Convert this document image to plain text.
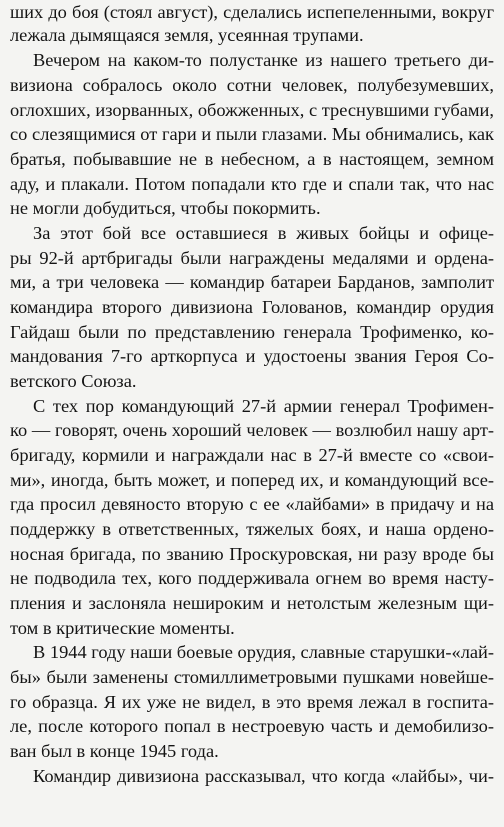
ших до боя (стоял август), сделались испепеленными, вокруг
лежала дымящаяся земля, усеянная трупами.
Вечером на каком-то полустанке из нашего третьего ди-
визиона собралось около сотни человек, полубезумевших,
оглохших, изорванных, обожженных, с треснувшими губами,
со слезящимися от гари и пыли глазами. Мы обнимались, как
братья, побывавшие не в небесном, а в настоящем, земном
аду, и плакали. Потом попадали кто где и спали так, что нас
не могли добудиться, чтобы покормить.
За этот бой все оставшиеся в живых бойцы и офице-
ры 92-й артбригады были награждены медалями и ордена-
ми, а три человека — командир батареи Барданов, замполит
командира второго дивизиона Голованов, командир орудия
Гайдаш были по представлению генерала Трофименко, ко-
мандования 7-го арткорпуса и удостоены звания Героя Со-
ветского Союза.
С тех пор командующий 27-й армии генерал Трофимен-
ко — говорят, очень хороший человек — возлюбил нашу арт-
бригаду, кормили и награждали нас в 27-й вместе со «свои-
ми», иногда, быть может, и поперед их, и командующий все-
гда просил девяносто вторую с ее «лайбами» в придачу и на
поддержку в ответственных, тяжелых боях, и наша ордено-
носная бригада, по званию Проскуровская, ни разу вроде бы
не подводила тех, кого поддерживала огнем во время насту-
пления и заслоняла нешироким и нетолстым железным щи-
том в критические моменты.
В 1944 году наши боевые орудия, славные старушки-«лай-
бы» были заменены стомиллиметровыми пушками новейше-
го образца. Я их уже не видел, в это время лежал в госпита-
ле, после которого попал в нестроевую часть и демобилизо-
ван был в конце 1945 года.
Командир дивизиона рассказывал, что когда «лайбы», чи-
